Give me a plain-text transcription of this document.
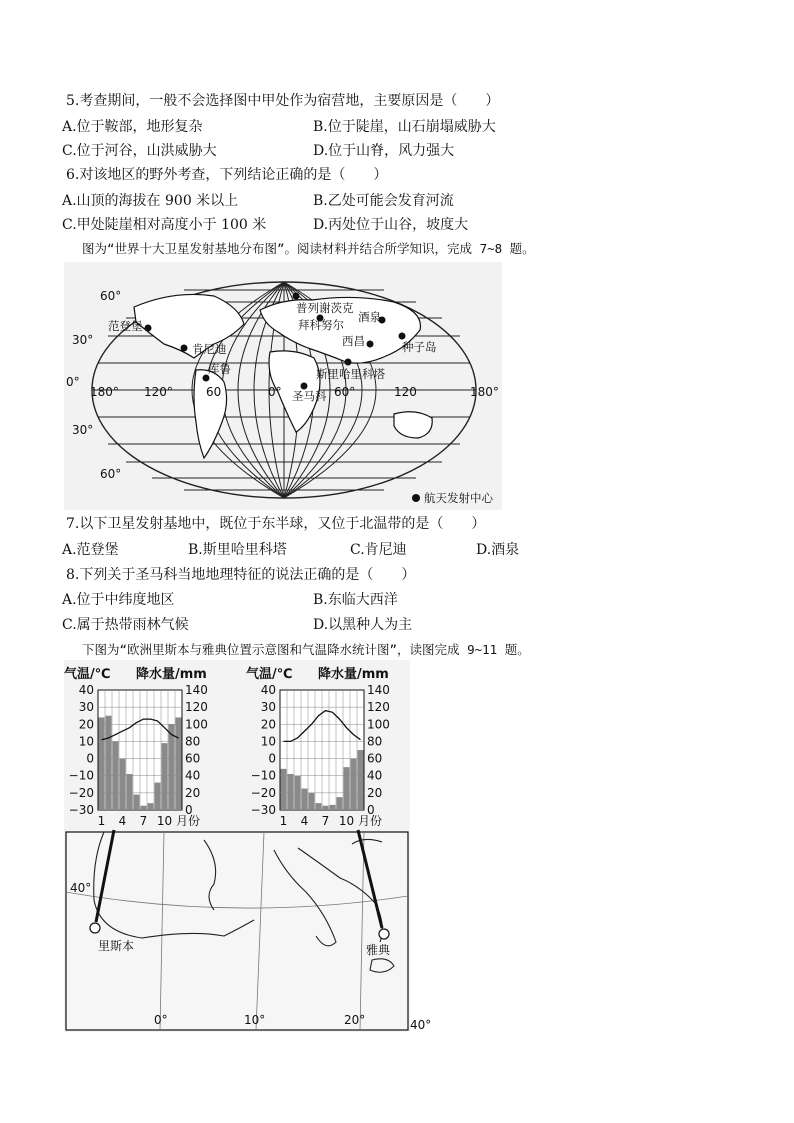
5.考查期间，一般不会选择图中甲处作为宿营地，主要原因是（　　）
A.位于鞍部，地形复杂	B.位于陡崖，山石崩塌威胁大
C.位于河谷，山洪威胁大	D.位于山脊，风力强大
6.对该地区的野外考查，下列结论正确的是（　　）
A.山顶的海拔在 900 米以上	B.乙处可能会发育河流
C.甲处陡崖相对高度小于 100 米	D.丙处位于山谷，坡度大
图为“世界十大卫星发射基地分布图”。阅读材料并结合所学知识，完成 7~8 题。
60°
30°
0°
30°
60°
180° 120°	60	0°	60°	120	180°
普列谢茨克
拜科努尔
酒泉
范登堡
西昌	种子岛
肯尼迪
库鲁	斯里哈里科塔
圣马科
航天发射中心
7.以下卫星发射基地中，既位于东半球，又位于北温带的是（　　）
A.范登堡	B.斯里哈里科塔	C.肯尼迪	D.酒泉
8.下列关于圣马科当地地理特征的说法正确的是（　　）
A.位于中纬度地区	B.东临大西洋
C.属于热带雨林气候	D.以黑种人为主
下图为“欧洲里斯本与雅典位置示意图和气温降水统计图”，读图完成 9~11 题。
气温/℃ 降水量/mm
40
30
20
10
0
−10
−20
−30
140
120
100
80
60
40
20
0
1 4 7 10 月份
气温/℃ 降水量/mm
40
30
20
10
0
−10
−20
−30
140
120
100
80
60
40
20
0
1 4 7 10 月份
40°
里斯本	雅典
0°	10°	20°	40°
